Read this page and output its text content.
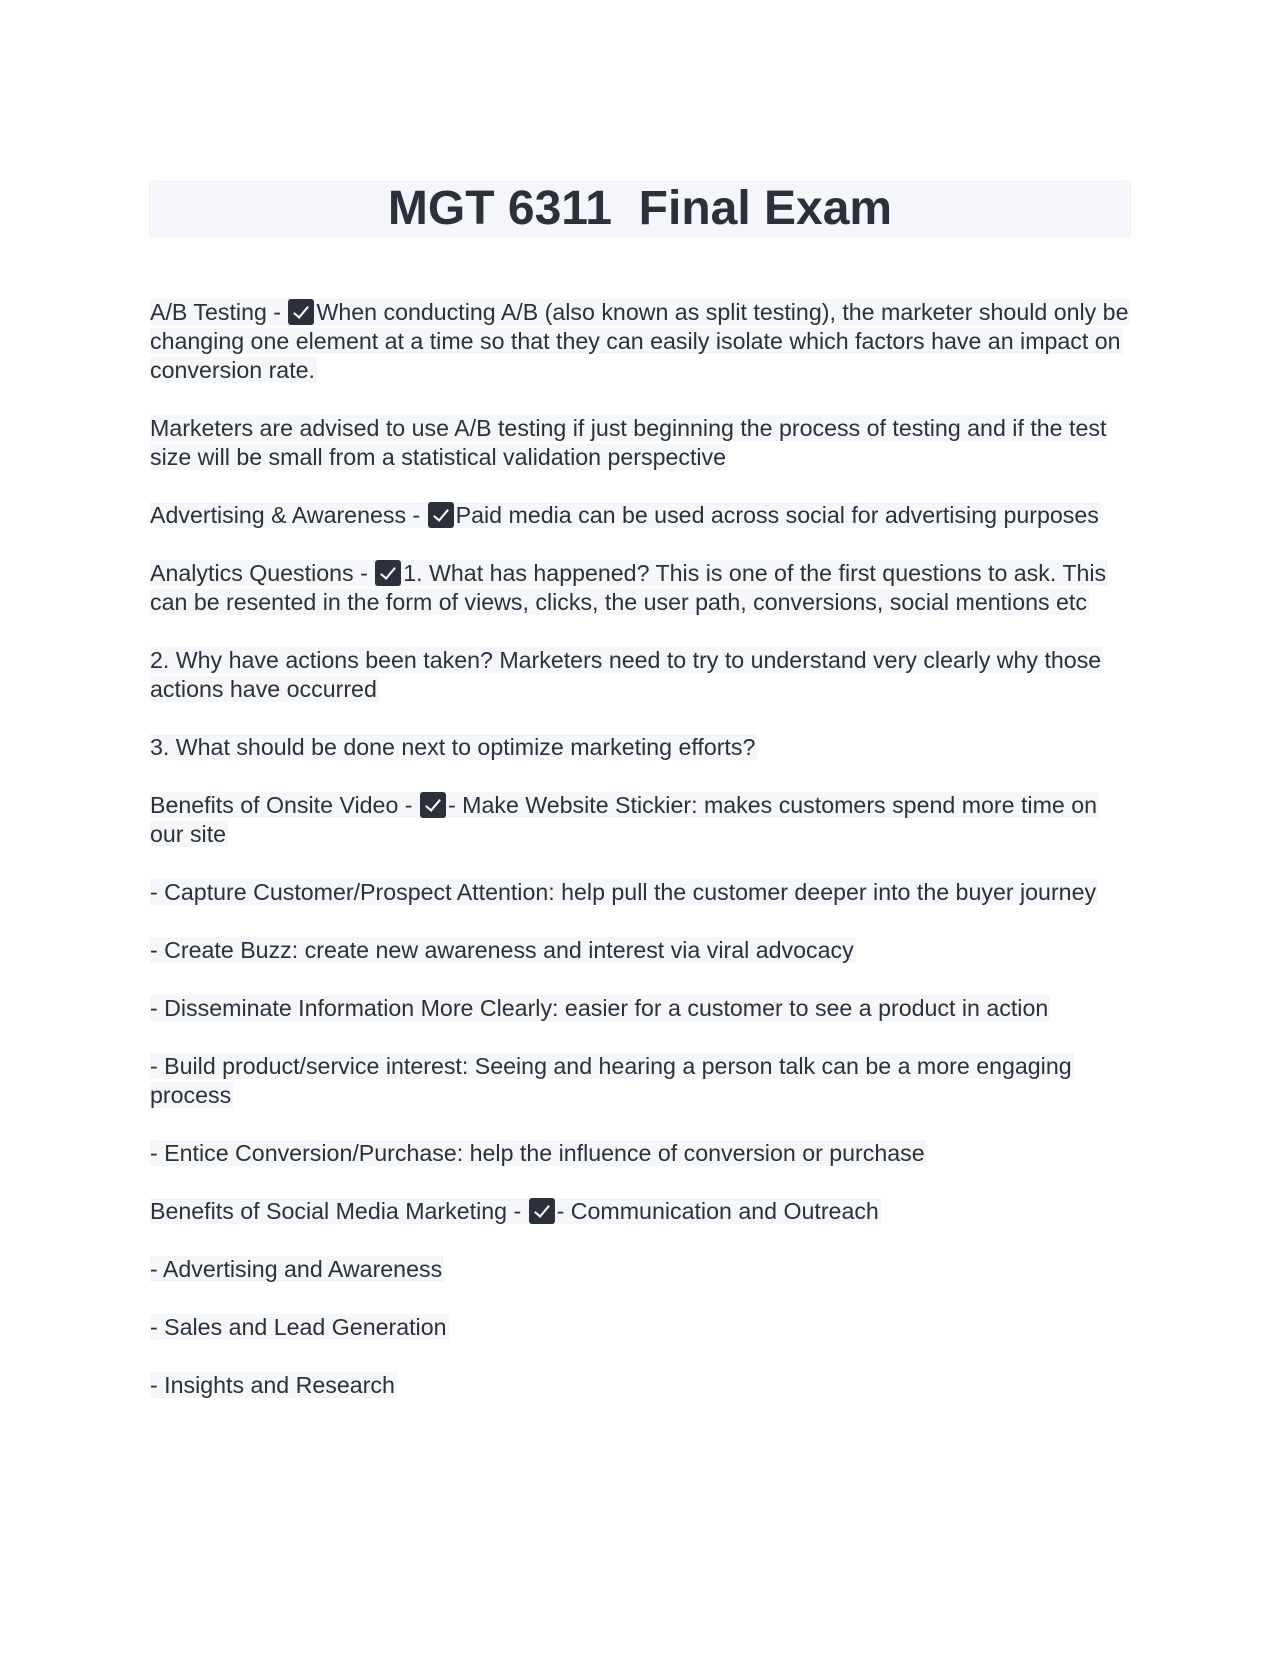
MGT 6311  Final Exam

A/B Testing - When conducting A/B (also known as split testing), the marketer should only be changing one element at a time so that they can easily isolate which factors have an impact on conversion rate.

Marketers are advised to use A/B testing if just beginning the process of testing and if the test size will be small from a statistical validation perspective

Advertising & Awareness - Paid media can be used across social for advertising purposes

Analytics Questions - 1. What has happened? This is one of the first questions to ask. This can be resented in the form of views, clicks, the user path, conversions, social mentions etc

2. Why have actions been taken? Marketers need to try to understand very clearly why those actions have occurred

3. What should be done next to optimize marketing efforts?

Benefits of Onsite Video - - Make Website Stickier: makes customers spend more time on our site

- Capture Customer/Prospect Attention: help pull the customer deeper into the buyer journey

- Create Buzz: create new awareness and interest via viral advocacy

- Disseminate Information More Clearly: easier for a customer to see a product in action

- Build product/service interest: Seeing and hearing a person talk can be a more engaging process

- Entice Conversion/Purchase: help the influence of conversion or purchase

Benefits of Social Media Marketing - - Communication and Outreach

- Advertising and Awareness

- Sales and Lead Generation

- Insights and Research
